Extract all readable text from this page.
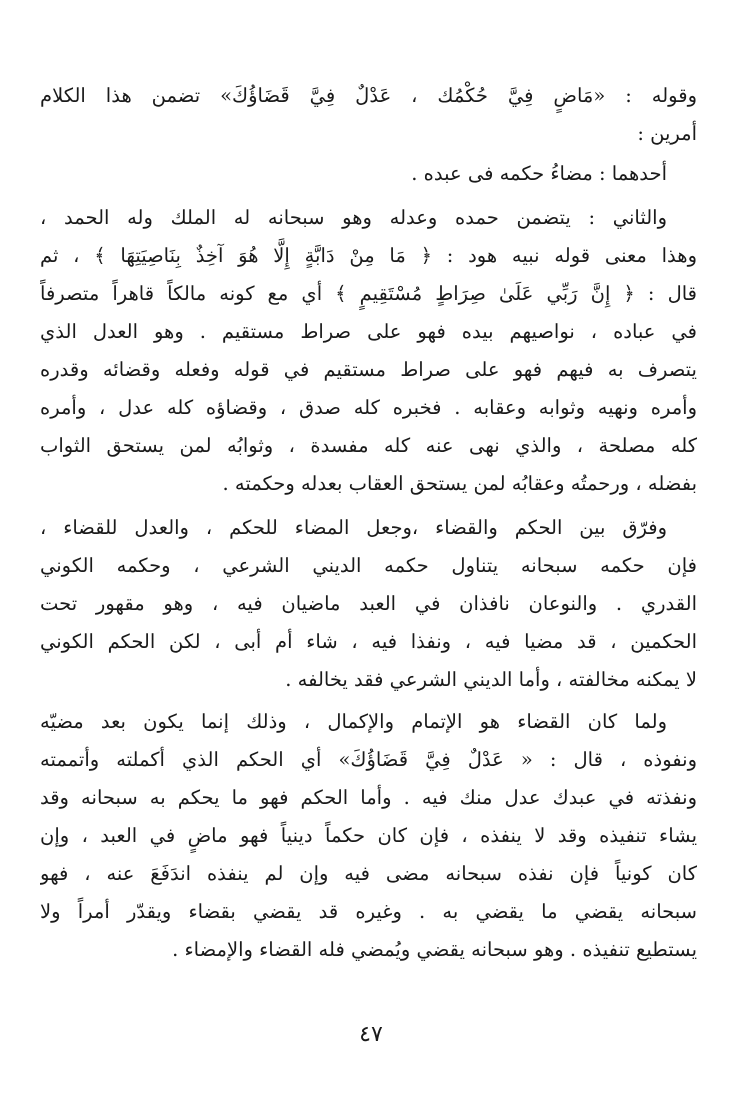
وقوله : «مَاضٍ فِيَّ حُكْمُك ، عَدْلٌ فِيَّ قَضَاؤُكَ» تضمن هذا الكلام
أمرين :
أحدهما : مضاءُ حكمه فى عبده .
والثاني : يتضمن حمده وعدله وهو سبحانه له الملك وله الحمد ،
وهذا معنى قوله نبيه هود : ﴿ مَا مِنْ دَابَّةٍ إِلَّا هُوَ آخِذٌ بِنَاصِيَتِهَا ﴾ ، ثم
قال : ﴿ إِنَّ رَبِّي عَلَىٰ صِرَاطٍ مُسْتَقِيمٍ ﴾ أي مع كونه مالكاً قاهراً متصرفاً
في عباده ، نواصيهم بيده فهو على صراط مستقيم . وهو العدل الذي
يتصرف به فيهم فهو على صراط مستقيم في قوله وفعله وقضائه وقدره
وأمره ونهيه وثوابه وعقابه . فخبره كله صدق ، وقضاؤه كله عدل ، وأمره
كله مصلحة ، والذي نهى عنه كله مفسدة ، وثوابُه لمن يستحق الثواب
بفضله ، ورحمتُه وعقابُه لمن يستحق العقاب بعدله وحكمته .
وفرّق بين الحكم والقضاء ،وجعل المضاء للحكم ، والعدل للقضاء ،
فإن حكمه سبحانه يتناول حكمه الديني الشرعي ، وحكمه الكوني
القدري . والنوعان نافذان في العبد ماضيان فيه ، وهو مقهور تحت
الحكمين ، قد مضيا فيه ، ونفذا فيه ، شاء أم أبى ، لكن الحكم الكوني
لا يمكنه مخالفته ، وأما الديني الشرعي فقد يخالفه .
ولما كان القضاء هو الإتمام والإكمال ، وذلك إنما يكون بعد مضيّه
ونفوذه ، قال : « عَدْلٌ فِيَّ قَضَاؤُكَ» أي الحكم الذي أكملته وأتممته
ونفذته في عبدك عدل منك فيه . وأما الحكم فهو ما يحكم به سبحانه وقد
يشاء تنفيذه وقد لا ينفذه ، فإن كان حكماً دينياً فهو ماضٍ في العبد ، وإن
كان كونياً فإن نفذه سبحانه مضى فيه وإن لم ينفذه اندَفَعَ عنه ، فهو
سبحانه يقضي ما يقضي به . وغيره قد يقضي بقضاء ويقدّر أمراً ولا
يستطيع تنفيذه . وهو سبحانه يقضي ويُمضي فله القضاء والإمضاء .
٤٧
